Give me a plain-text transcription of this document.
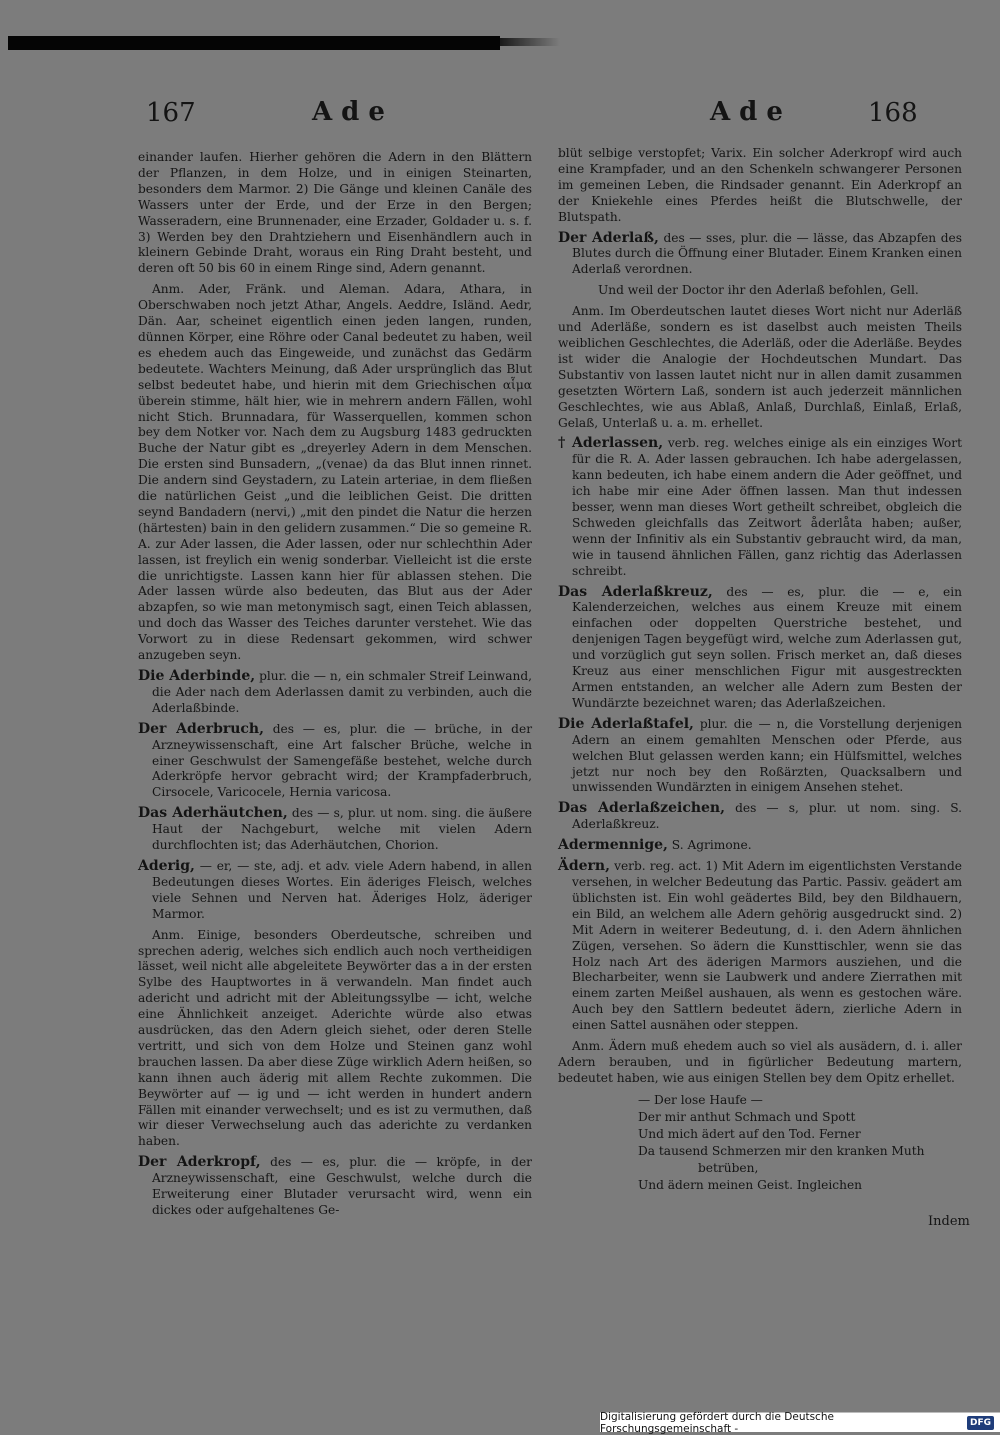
167	Ade	Ade	168

einander laufen. Hierher gehören die Adern in den Blättern der Pflanzen, in dem Holze, und in einigen Steinarten, besonders dem Marmor. 2) Die Gänge und kleinen Canäle des Wassers unter der Erde, und der Erze in den Bergen; Wasseradern, eine Brunnenader, eine Erzader, Goldader u. s. f. 3) Werden bey den Drahtziehern und Eisenhändlern auch in kleinern Gebinde Draht, woraus ein Ring Draht besteht, und deren oft 50 bis 60 in einem Ringe sind, Adern genannt.

Anm. Ader, Fränk. und Aleman. Adara, Athara, in Oberschwaben noch jetzt Athar, Angels. Aeddre, Isländ. Aedr, Dän. Aar, scheinet eigentlich einen jeden langen, runden, dünnen Körper, eine Röhre oder Canal bedeutet zu haben, weil es ehedem auch das Eingeweide, und zunächst das Gedärm bedeutete. Wachters Meinung, daß Ader ursprünglich das Blut selbst bedeutet habe, und hierin mit dem Griechischen αἷμα überein stimme, hält hier, wie in mehrern andern Fällen, wohl nicht Stich. Brunnadara, für Wasserquellen, kommen schon bey dem Notker vor. Nach dem zu Augsburg 1483 gedruckten Buche der Natur gibt es „dreyerley Adern in dem Menschen. Die ersten sind Bunsadern, „(venae) da das Blut innen rinnet. Die andern sind Geystadern, zu Latein arteriae, in dem fließen die natürlichen Geist „und die leiblichen Geist. Die dritten seynd Bandadern (nervi,) „mit den pindet die Natur die herzen (härtesten) bain in den gelidern zusammen.“ Die so gemeine R. A. zur Ader lassen, die Ader lassen, oder nur schlechthin Ader lassen, ist freylich ein wenig sonderbar. Vielleicht ist die erste die unrichtigste. Lassen kann hier für ablassen stehen. Die Ader lassen würde also bedeuten, das Blut aus der Ader abzapfen, so wie man metonymisch sagt, einen Teich ablassen, und doch das Wasser des Teiches darunter verstehet. Wie das Vorwort zu in diese Redensart gekommen, wird schwer anzugeben seyn.

Die Aderbinde, plur. die — n, ein schmaler Streif Leinwand, die Ader nach dem Aderlassen damit zu verbinden, auch die Aderlaßbinde.

Der Aderbruch, des — es, plur. die — brüche, in der Arzneywissenschaft, eine Art falscher Brüche, welche in einer Geschwulst der Samengefäße bestehet, welche durch Aderkröpfe hervor gebracht wird; der Krampfaderbruch, Cirsocele, Varicocele, Hernia varicosa.

Das Aderhäutchen, des — s, plur. ut nom. sing. die äußere Haut der Nachgeburt, welche mit vielen Adern durchflochten ist; das Aderhäutchen, Chorion.

Aderig, — er, — ste, adj. et adv. viele Adern habend, in allen Bedeutungen dieses Wortes. Ein äderiges Fleisch, welches viele Sehnen und Nerven hat. Äderiges Holz, äderiger Marmor.

Anm. Einige, besonders Oberdeutsche, schreiben und sprechen aderig, welches sich endlich auch noch vertheidigen lässet, weil nicht alle abgeleitete Beywörter das a in der ersten Sylbe des Hauptwortes in ä verwandeln. Man findet auch adericht und adricht mit der Ableitungssylbe — icht, welche eine Ähnlichkeit anzeiget. Aderichte würde also etwas ausdrücken, das den Adern gleich siehet, oder deren Stelle vertritt, und sich von dem Holze und Steinen ganz wohl brauchen lassen. Da aber diese Züge wirklich Adern heißen, so kann ihnen auch äderig mit allem Rechte zukommen. Die Beywörter auf — ig und — icht werden in hundert andern Fällen mit einander verwechselt; und es ist zu vermuthen, daß wir dieser Verwechselung auch das aderichte zu verdanken haben.

Der Aderkropf, des — es, plur. die — kröpfe, in der Arzneywissenschaft, eine Geschwulst, welche durch die Erweiterung einer Blutader verursacht wird, wenn ein dickes oder aufgehaltenes Ge-

blüt selbige verstopfet; Varix. Ein solcher Aderkropf wird auch eine Krampfader, und an den Schenkeln schwangerer Personen im gemeinen Leben, die Rindsader genannt. Ein Aderkropf an der Kniekehle eines Pferdes heißt die Blutschwelle, der Blutspath.

Der Aderlaß, des — sses, plur. die — lässe, das Abzapfen des Blutes durch die Öffnung einer Blutader. Einem Kranken einen Aderlaß verordnen.

Und weil der Doctor ihr den Aderlaß befohlen, Gell.

Anm. Im Oberdeutschen lautet dieses Wort nicht nur Aderläß und Aderläße, sondern es ist daselbst auch meisten Theils weiblichen Geschlechtes, die Aderläß, oder die Aderläße. Beydes ist wider die Analogie der Hochdeutschen Mundart. Das Substantiv von lassen lautet nicht nur in allen damit zusammen gesetzten Wörtern Laß, sondern ist auch jederzeit männlichen Geschlechtes, wie aus Ablaß, Anlaß, Durchlaß, Einlaß, Erlaß, Gelaß, Unterlaß u. a. m. erhellet.

† Aderlassen, verb. reg. welches einige als ein einziges Wort für die R. A. Ader lassen gebrauchen. Ich habe adergelassen, kann bedeuten, ich habe einem andern die Ader geöffnet, und ich habe mir eine Ader öffnen lassen. Man thut indessen besser, wenn man dieses Wort getheilt schreibet, obgleich die Schweden gleichfalls das Zeitwort åderlåta haben; außer, wenn der Infinitiv als ein Substantiv gebraucht wird, da man, wie in tausend ähnlichen Fällen, ganz richtig das Aderlassen schreibt.

Das Aderlaßkreuz, des — es, plur. die — e, ein Kalenderzeichen, welches aus einem Kreuze mit einem einfachen oder doppelten Querstriche bestehet, und denjenigen Tagen beygefügt wird, welche zum Aderlassen gut, und vorzüglich gut seyn sollen. Frisch merket an, daß dieses Kreuz aus einer menschlichen Figur mit ausgestreckten Armen entstanden, an welcher alle Adern zum Besten der Wundärzte bezeichnet waren; das Aderlaßzeichen.

Die Aderlaßtafel, plur. die — n, die Vorstellung derjenigen Adern an einem gemahlten Menschen oder Pferde, aus welchen Blut gelassen werden kann; ein Hülfsmittel, welches jetzt nur noch bey den Roßärzten, Quacksalbern und unwissenden Wundärzten in einigem Ansehen stehet.

Das Aderlaßzeichen, des — s, plur. ut nom. sing. S. Aderlaßkreuz.

Adermennige, S. Agrimone.

Ädern, verb. reg. act. 1) Mit Adern im eigentlichsten Verstande versehen, in welcher Bedeutung das Partic. Passiv. geädert am üblichsten ist. Ein wohl geädertes Bild, bey den Bildhauern, ein Bild, an welchem alle Adern gehörig ausgedruckt sind. 2) Mit Adern in weiterer Bedeutung, d. i. den Adern ähnlichen Zügen, versehen. So ädern die Kunsttischler, wenn sie das Holz nach Art des äderigen Marmors ausziehen, und die Blecharbeiter, wenn sie Laubwerk und andere Zierrathen mit einem zarten Meißel aushauen, als wenn es gestochen wäre. Auch bey den Sattlern bedeutet ädern, zierliche Adern in einen Sattel ausnähen oder steppen.

Anm. Ädern muß ehedem auch so viel als ausädern, d. i. aller Adern berauben, und in figürlicher Bedeutung martern, bedeutet haben, wie aus einigen Stellen bey dem Opitz erhellet.

— Der lose Haufe —

Der mir anthut Schmach und Spott

Und mich ädert auf den Tod. Ferner

Da tausend Schmerzen mir den kranken Muth

betrüben,

Und ädern meinen Geist. Ingleichen

Indem
Digitalisierung gefördert durch die Deutsche Forschungsgemeinschaft -	DFG
